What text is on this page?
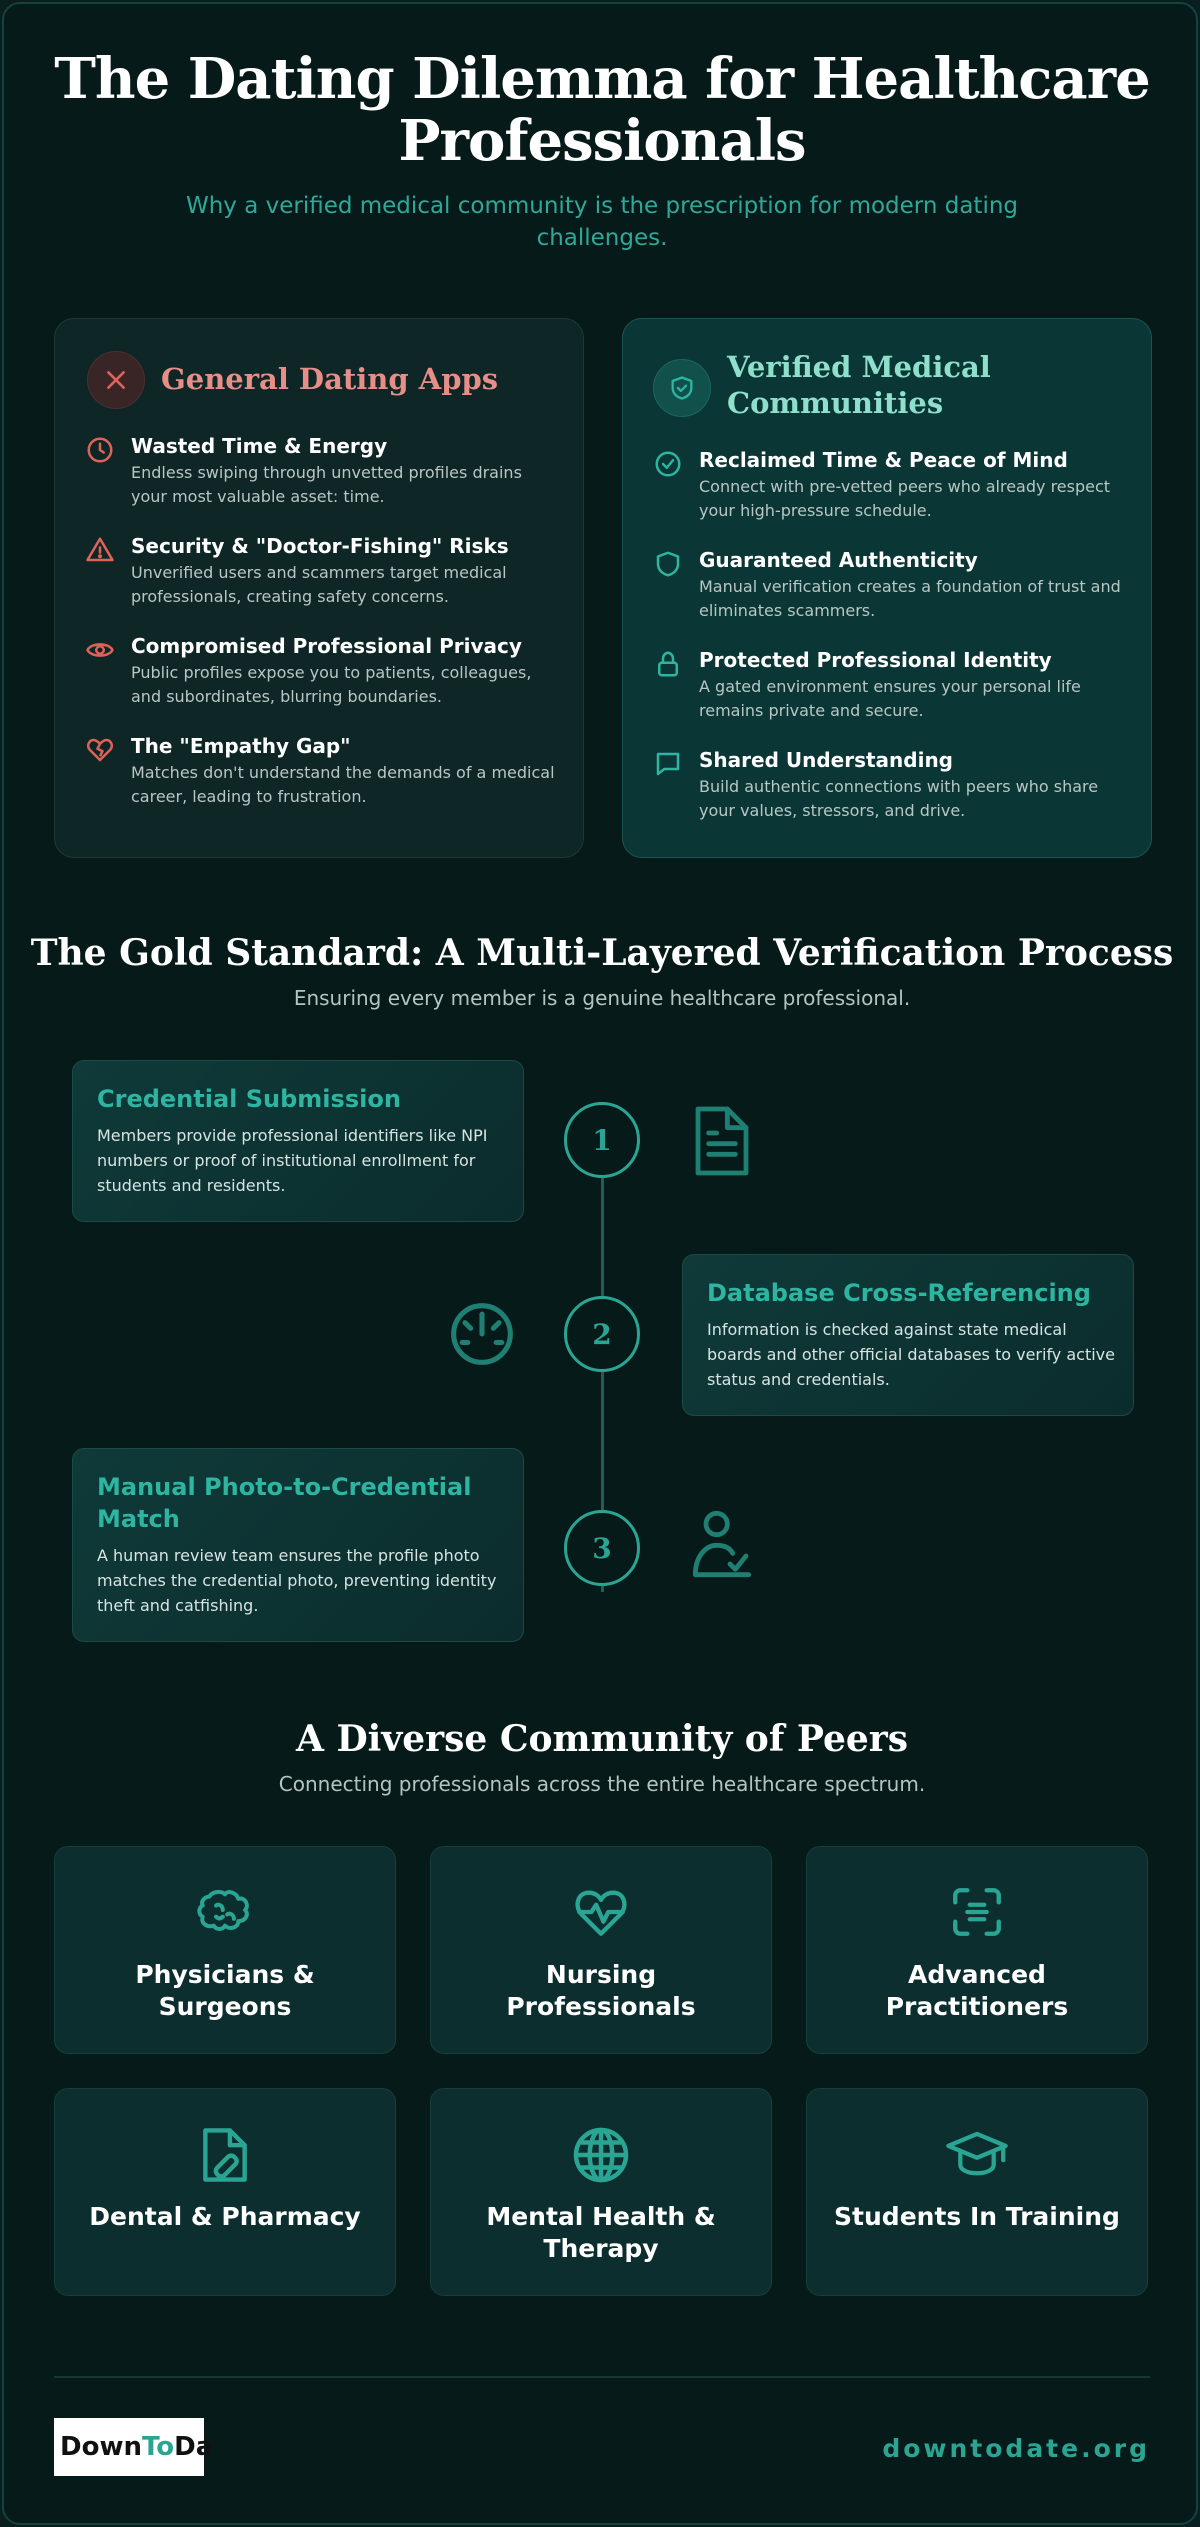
The Dating Dilemma for Healthcare
Professionals
Why a verified medical community is the prescription for modern dating challenges.
General Dating Apps
Wasted Time & Energy
Endless swiping through unvetted profiles drains your most valuable asset: time.
Security & "Doctor-Fishing" Risks
Unverified users and scammers target medical professionals, creating safety concerns.
Compromised Professional Privacy
Public profiles expose you to patients, colleagues, and subordinates, blurring boundaries.
The "Empathy Gap"
Matches don't understand the demands of a medical career, leading to frustration.
Verified Medical
Communities
Reclaimed Time & Peace of Mind
Connect with pre-vetted peers who already respect your high-pressure schedule.
Guaranteed Authenticity
Manual verification creates a foundation of trust and eliminates scammers.
Protected Professional Identity
A gated environment ensures your personal life remains private and secure.
Shared Understanding
Build authentic connections with peers who share your values, stressors, and drive.
The Gold Standard: A Multi-Layered Verification Process
Ensuring every member is a genuine healthcare professional.
Credential Submission
Members provide professional identifiers like NPI numbers or proof of institutional enrollment for students and residents.
1
Database Cross-Referencing
Information is checked against state medical boards and other official databases to verify active status and credentials.
2
Manual Photo-to-Credential
Match
A human review team ensures the profile photo matches the credential photo, preventing identity theft and catfishing.
3
A Diverse Community of Peers
Connecting professionals across the entire healthcare spectrum.
Physicians &
Surgeons
Nursing
Professionals
Advanced
Practitioners
Dental & Pharmacy	Mental Health &
Therapy
Students In Training
Down To Da	downtodate.org
